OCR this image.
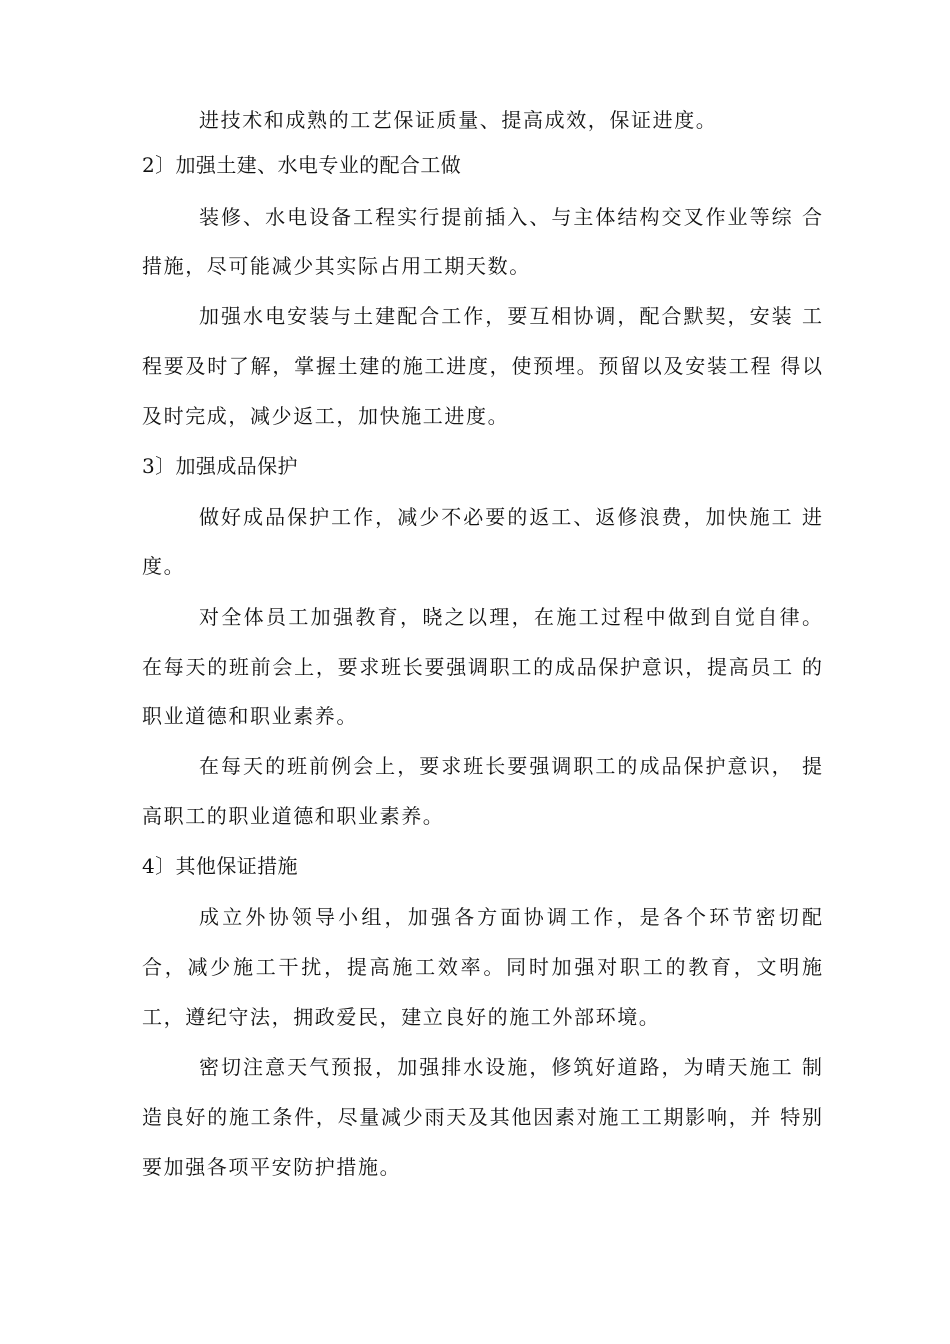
进技术和成熟的工艺保证质量、提高成效，保证进度。
2〕加强土建、水电专业的配合工做
装修、水电设备工程实行提前插入、与主体结构交叉作业等综 合
措施，尽可能减少其实际占用工期天数。
加强水电安装与土建配合工作，要互相协调，配合默契，安装 工
程要及时了解，掌握土建的施工进度，使预埋。预留以及安装工程 得以
及时完成，减少返工，加快施工进度。
3〕加强成品保护
做好成品保护工作，减少不必要的返工、返修浪费，加快施工 进
度。
对全体员工加强教育，晓之以理，在施工过程中做到自觉自律。
在每天的班前会上，要求班长要强调职工的成品保护意识，提高员工 的
职业道德和职业素养。
在每天的班前例会上，要求班长要强调职工的成品保护意识， 提
高职工的职业道德和职业素养。
4〕其他保证措施
成立外协领导小组，加强各方面协调工作，是各个环节密切配
合，减少施工干扰，提高施工效率。同时加强对职工的教育，文明施
工，遵纪守法，拥政爱民，建立良好的施工外部环境。
密切注意天气预报，加强排水设施，修筑好道路，为晴天施工 制
造良好的施工条件，尽量减少雨天及其他因素对施工工期影响，并 特别
要加强各项平安防护措施。
